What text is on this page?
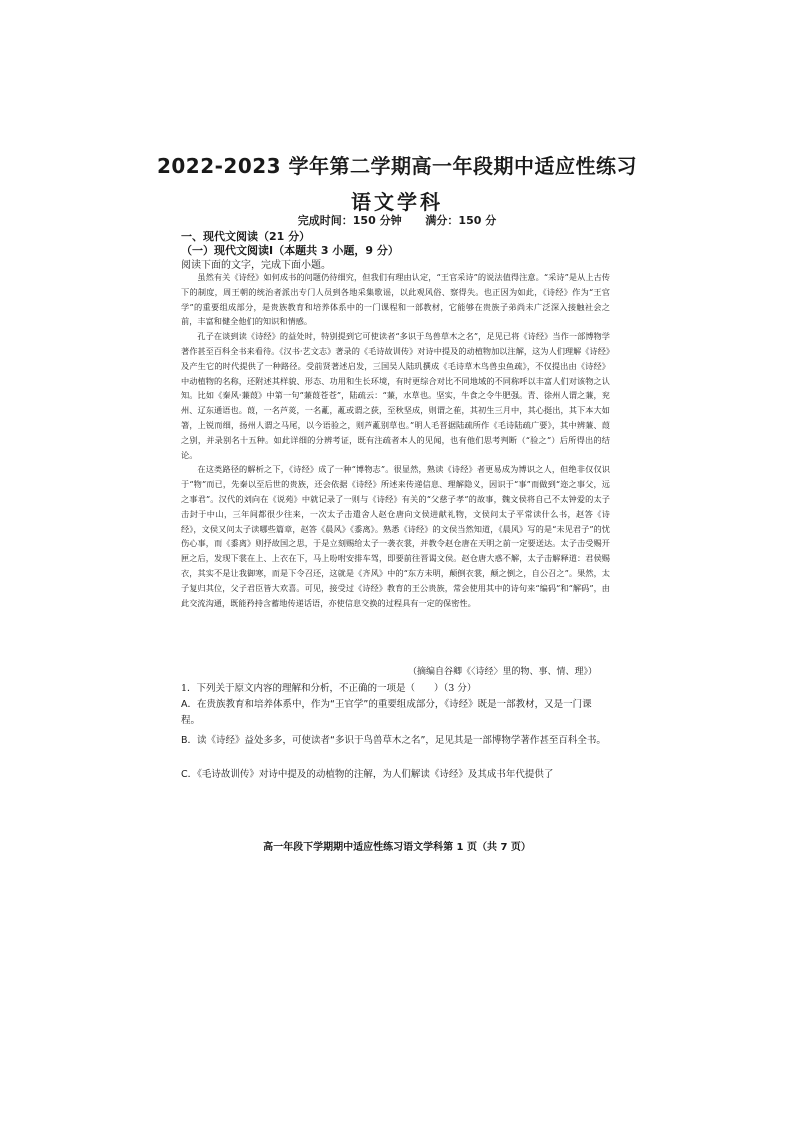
2022-2023 学年第二学期高一年段期中适应性练习
语文学科
完成时间：150 分钟 满分：150 分
一、现代文阅读（21 分）
（一）现代文阅读Ⅰ（本题共 3 小题，9 分）
阅读下面的文字，完成下面小题。

虽然有关《诗经》如何成书的问题仍待细究，但我们有理由认定，“王官采诗”的说法值得注意。“采诗”是从上古传下的制度，周王朝的统治者派出专门人员到各地采集歌谣，以此观风俗、察得失。也正因为如此，《诗经》作为“王官学”的重要组成部分，是贵族教育和培养体系中的一门课程和一部教材，它能够在贵族子弟尚未广泛深入接触社会之前，丰富和健全他们的知识和情感。

孔子在谈到读《诗经》的益处时，特别提到它可使读者“多识于鸟兽草木之名”，足见已将《诗经》当作一部博物学著作甚至百科全书来看待。《汉书·艺文志》著录的《毛诗故训传》对诗中提及的动植物加以注解，这为人们理解《诗经》及产生它的时代提供了一种路径。受前贤著述启发，三国吴人陆玑撰成《毛诗草木鸟兽虫鱼疏》，不仅提出由《诗经》中动植物的名称，还附述其样貌、形态、功用和生长环境，有时更综合对比不同地域的不同称呼以丰富人们对该物之认知。比如《秦风·蒹葭》中第一句“蒹葭苍苍”，陆疏云：“蒹，水草也。坚实，牛食之令牛肥强。青、徐州人谓之蒹，兖州、辽东通语也。葭，一名芦菼，一名薍，薍或谓之荻，至秋坚成，则谓之萑，其初生三月中，其心挺出，其下本大如箸，上锐而细，扬州人谓之马尾，以今语验之，则芦薍别草也。”明人毛晋据陆疏所作《毛诗陆疏广要》，其中辨蒹、葭之别，并录别名十五种。如此详细的分辨考证，既有注疏者本人的见闻，也有他们思考判断（“验之”）后所得出的结论。

在这类路径的解析之下，《诗经》成了一种“博物志”。很显然，熟读《诗经》者更易成为博识之人，但绝非仅仅识于“物”而已，先秦以至后世的贵族，还会依据《诗经》所述来传递信息、理解隐义，因识于“事”而做到“迩之事父，远之事君”。汉代的刘向在《说苑》中就记录了一则与《诗经》有关的“父慈子孝”的故事，魏文侯将自己不太钟爱的太子击封于中山，三年间都很少往来，一次太子击遣舍人赵仓唐向文侯进献礼物，文侯问太子平常读什么书，赵答《诗经》，文侯又问太子读哪些篇章，赵答《晨风》《黍离》。熟悉《诗经》的文侯当然知道，《晨风》写的是“未见君子”的忧伤心事，而《黍离》则抒故国之思，于是立刻赐给太子一袭衣裳，并教令赵仓唐在天明之前一定要送达。太子击受赐开匣之后，发现下裳在上、上衣在下，马上吩咐安排车驾，即要前往晋谒文侯。赵仓唐大惑不解，太子击解释道：君侯赐衣，其实不是让我御寒，而是下令召还，这就是《齐风》中的“东方未明，颠倒衣裳，颠之倒之，自公召之”。果然，太子复归其位，父子君臣皆大欢喜。可见，接受过《诗经》教育的王公贵族，常会使用其中的诗句来“编码”和“解码”，由此交流沟通，既能矜持含蓄地传递话语，亦使信息交换的过程具有一定的保密性。

（摘编自谷卿《〈诗经〉里的物、事、情、理》）
1．下列关于原文内容的理解和分析，不正确的一项是（　　）（3 分）
A．在贵族教育和培养体系中，作为“王官学”的重要组成部分，《诗经》既是一部教材，又是一门课程。
B．读《诗经》益处多多，可使读者“多识于鸟兽草木之名”，足见其是一部博物学著作甚至百科全书。
C．《毛诗故训传》对诗中提及的动植物的注解，为人们解读《诗经》及其成书年代提供了
高一年段下学期期中适应性练习语文学科第 1 页（共 7 页）
